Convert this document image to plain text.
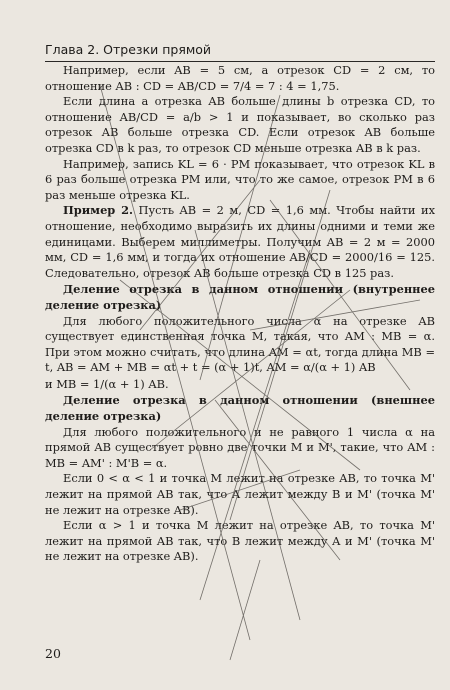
Глава 2. Отрезки прямой

Например, если AB = 5 см, а отрезок CD = 2 см, то отношение AB : CD = AB/CD = 7/4 = 7 : 4 = 1,75.

Если длина a отрезка AB больше длины b отрезка CD, то отношение AB/CD = a/b > 1 и показывает, во сколько раз отрезок AB больше отрезка CD. Если отрезок AB больше отрезка CD в k раз, то отрезок CD меньше отрезка AB в k раз.

Например, запись KL = 6 · PM показывает, что отрезок KL в 6 раз больше отрезка PM или, что то же самое, отрезок PM в 6 раз меньше отрезка KL.

Пример 2. Пусть AB = 2 м, CD = 1,6 мм. Чтобы найти их отношение, необходимо выразить их длины одними и теми же единицами. Выберем миллиметры. Получим AB = 2 м = 2000 мм, CD = 1,6 мм, и тогда их отношение AB/CD = 2000/16 = 125. Следовательно, отрезок AB больше отрезка CD в 125 раз.

Деление отрезка в данном отношении (внутреннее деление отрезка)

Для любого положительного числа α на отрезке AB существует единственная точка M, такая, что AM : MB = α. При этом можно считать, что длина AM = αt, тогда длина MB = t, AB = AM + MB = αt + t = (α + 1)t, AM = α/(α + 1) AB

и MB = 1/(α + 1) AB.

Деление отрезка в данном отношении (внешнее деление отрезка)

Для любого положительного и не равного 1 числа α на прямой AB существует ровно две точки M и M', такие, что AM : MB = AM' : M'B = α.

Если 0 < α < 1 и точка M лежит на отрезке AB, то точка M' лежит на прямой AB так, что A лежит между B и M' (точка M' не лежит на отрезке AB).

Если α > 1 и точка M лежит на отрезке AB, то точка M' лежит на прямой AB так, что B лежит между A и M' (точка M' не лежит на отрезке AB).

20
